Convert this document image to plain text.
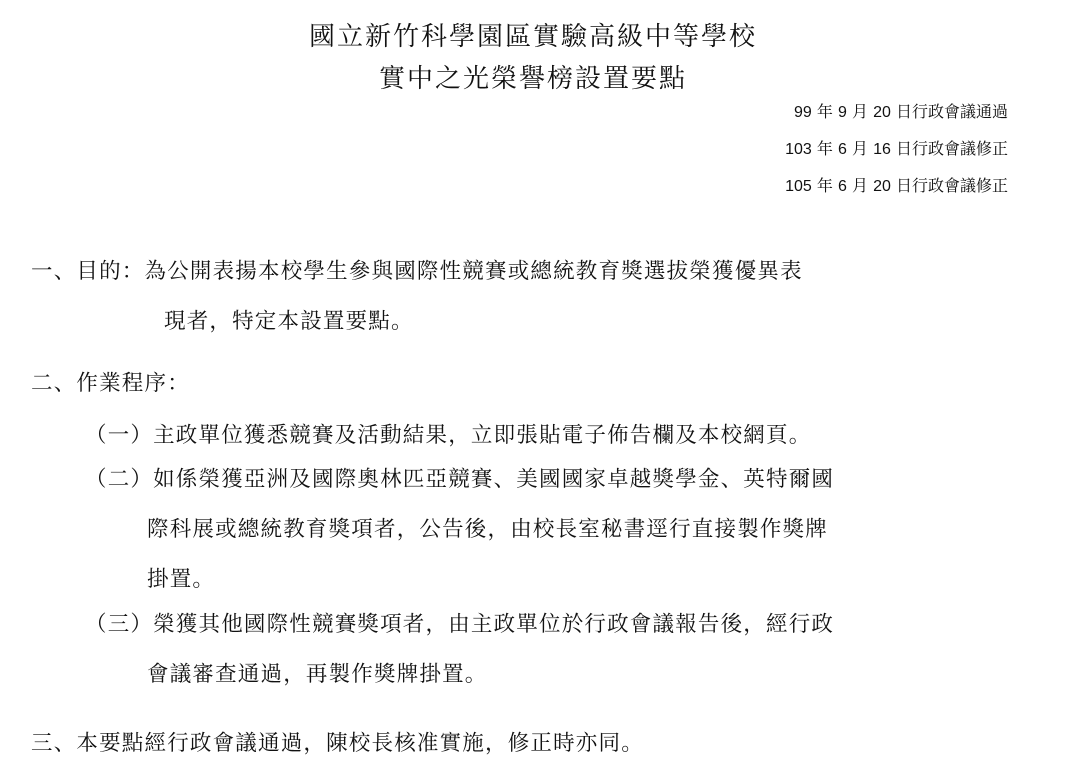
國立新竹科學園區實驗高級中等學校
實中之光榮譽榜設置要點
99 年 9 月 20 日行政會議通過
103 年 6 月 16 日行政會議修正
105 年 6 月 20 日行政會議修正
一、目的：為公開表揚本校學生參與國際性競賽或總統教育獎選拔榮獲優異表
現者，特定本設置要點。
二、作業程序：
（一）主政單位獲悉競賽及活動結果，立即張貼電子佈告欄及本校網頁。
（二）如係榮獲亞洲及國際奧林匹亞競賽、美國國家卓越獎學金、英特爾國
際科展或總統教育獎項者，公告後，由校長室秘書逕行直接製作獎牌
掛置。
（三）榮獲其他國際性競賽獎項者，由主政單位於行政會議報告後，經行政
會議審查通過，再製作獎牌掛置。
三、本要點經行政會議通過，陳校長核准實施，修正時亦同。
